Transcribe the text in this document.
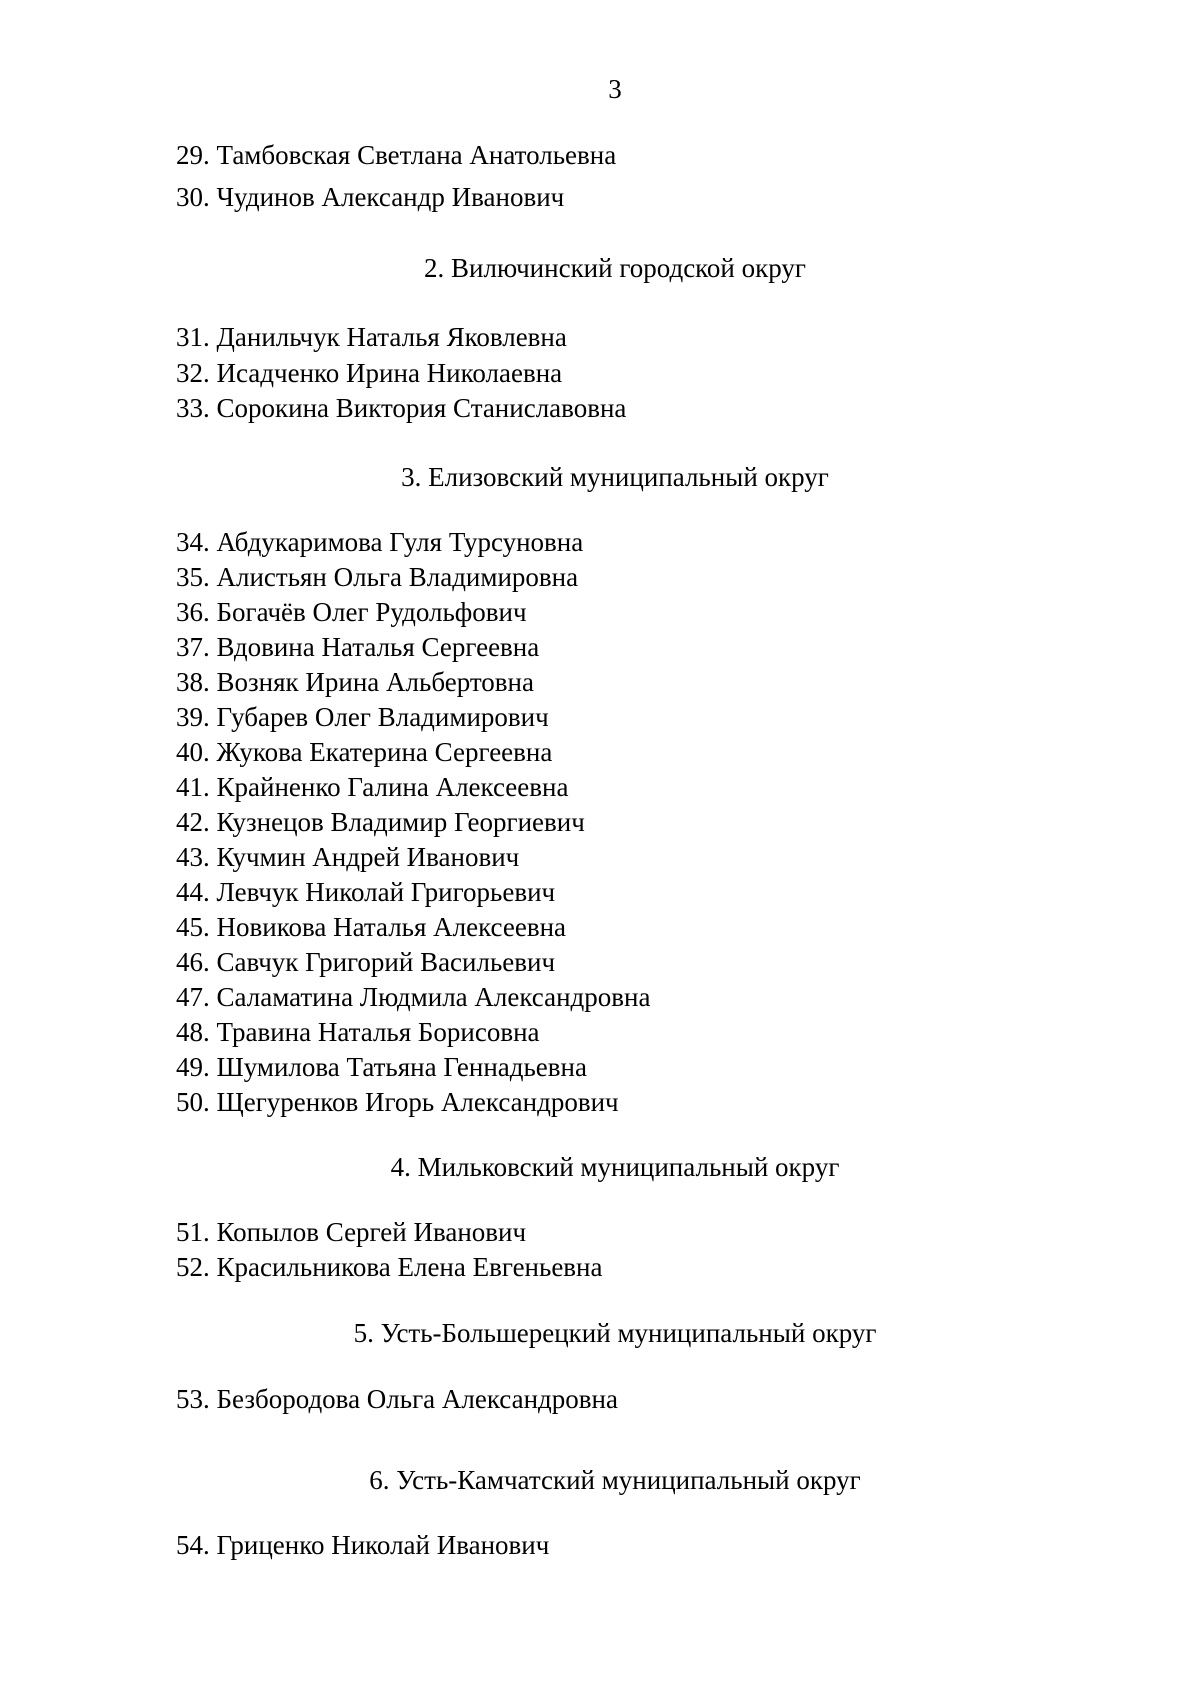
3
29. Тамбовская Светлана Анатольевна
30. Чудинов Александр Иванович
2. Вилючинский городской округ
31. Данильчук Наталья Яковлевна
32. Исадченко Ирина Николаевна
33. Сорокина Виктория Станиславовна
3. Елизовский муниципальный округ
34. Абдукаримова Гуля Турсуновна
35. Алистьян Ольга Владимировна
36. Богачёв Олег Рудольфович
37. Вдовина Наталья Сергеевна
38. Возняк Ирина Альбертовна
39. Губарев Олег Владимирович
40. Жукова Екатерина Сергеевна
41. Крайненко Галина Алексеевна
42. Кузнецов Владимир Георгиевич
43. Кучмин Андрей Иванович
44. Левчук Николай Григорьевич
45. Новикова Наталья Алексеевна
46. Савчук Григорий Васильевич
47. Саламатина Людмила Александровна
48. Травина Наталья Борисовна
49. Шумилова Татьяна Геннадьевна
50. Щегуренков Игорь Александрович
4. Мильковский муниципальный округ
51. Копылов Сергей Иванович
52. Красильникова Елена Евгеньевна
5. Усть-Большерецкий муниципальный округ
53. Безбородова Ольга Александровна
6. Усть-Камчатский муниципальный округ
54. Гриценко Николай Иванович
